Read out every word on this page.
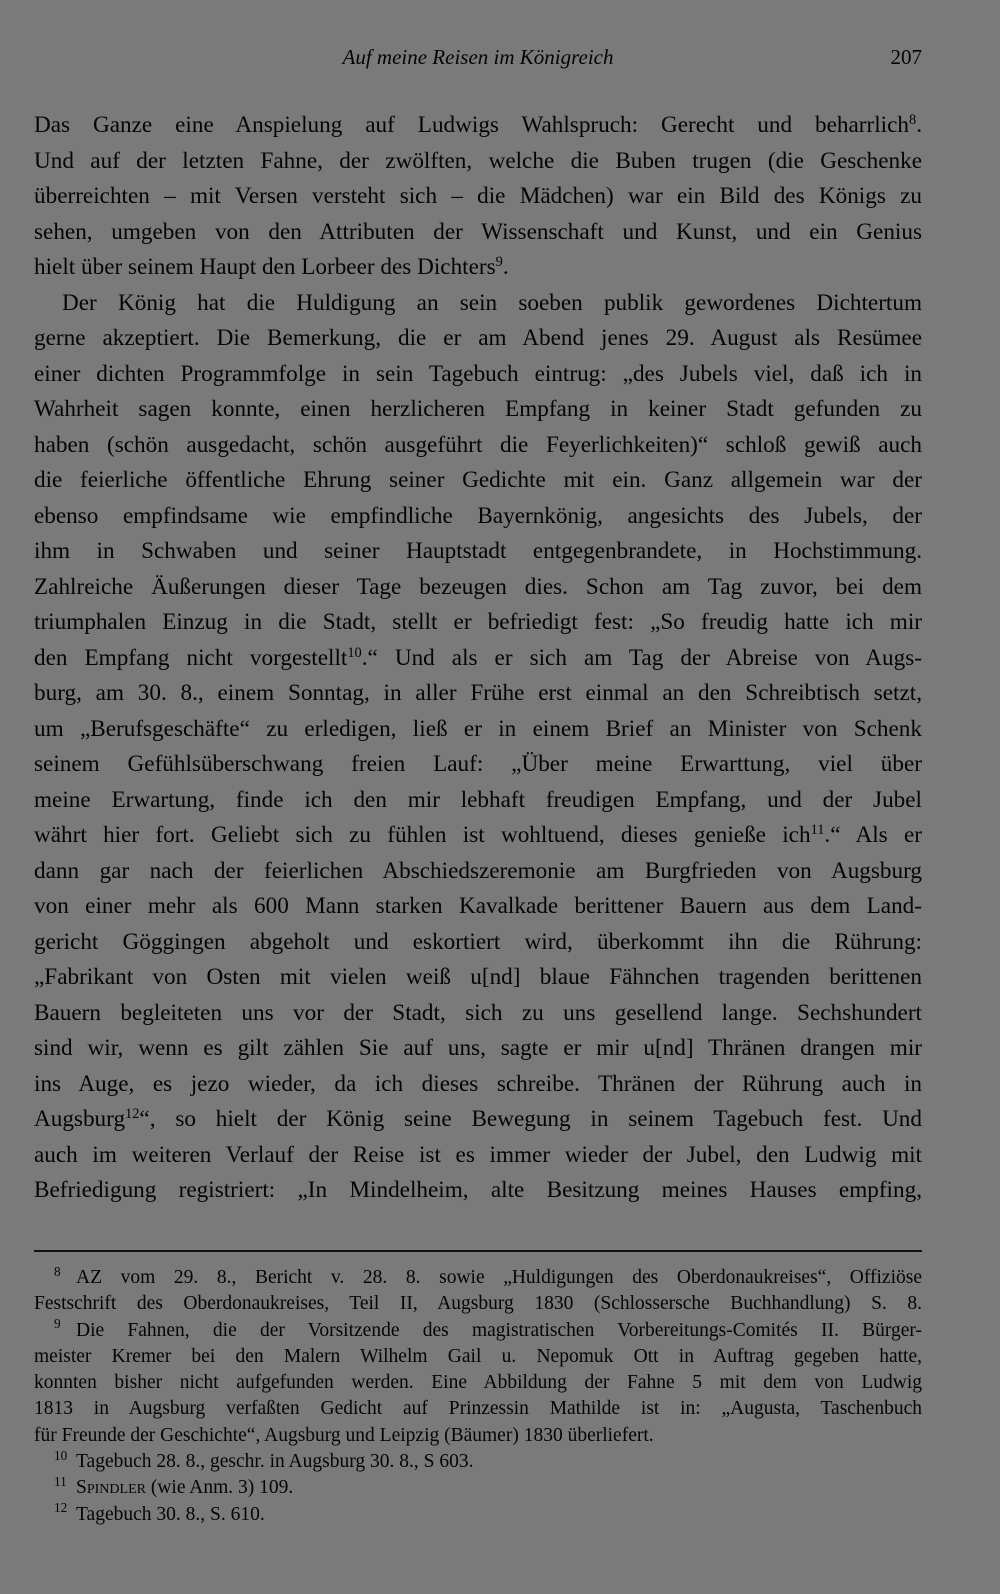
Auf meine Reisen im Königreich	207
Das Ganze eine Anspielung auf Ludwigs Wahlspruch: Gerecht und beharrlich$^8$.
Und auf der letzten Fahne, der zwölften, welche die Buben trugen (die Geschenke
überreichten – mit Versen versteht sich – die Mädchen) war ein Bild des Königs zu
sehen, umgeben von den Attributen der Wissenschaft und Kunst, und ein Genius
hielt über seinem Haupt den Lorbeer des Dichters$^9$.
Der König hat die Huldigung an sein soeben publik gewordenes Dichtertum
gerne akzeptiert. Die Bemerkung, die er am Abend jenes 29. August als Resümee
einer dichten Programmfolge in sein Tagebuch eintrug: „des Jubels viel, daß ich in
Wahrheit sagen konnte, einen herzlicheren Empfang in keiner Stadt gefunden zu
haben (schön ausgedacht, schön ausgeführt die Feyerlichkeiten)“ schloß gewiß auch
die feierliche öffentliche Ehrung seiner Gedichte mit ein. Ganz allgemein war der
ebenso empfindsame wie empfindliche Bayernkönig, angesichts des Jubels, der
ihm in Schwaben und seiner Hauptstadt entgegenbrandete, in Hochstimmung.
Zahlreiche Äußerungen dieser Tage bezeugen dies. Schon am Tag zuvor, bei dem
triumphalen Einzug in die Stadt, stellt er befriedigt fest: „So freudig hatte ich mir
den Empfang nicht vorgestellt$^{10}$.“ Und als er sich am Tag der Abreise von Augs-
burg, am 30. 8., einem Sonntag, in aller Frühe erst einmal an den Schreibtisch setzt,
um „Berufsgeschäfte“ zu erledigen, ließ er in einem Brief an Minister von Schenk
seinem Gefühlsüberschwang freien Lauf: „Über meine Erwarttung, viel über
meine Erwartung, finde ich den mir lebhaft freudigen Empfang, und der Jubel
währt hier fort. Geliebt sich zu fühlen ist wohltuend, dieses genieße ich$^{11}$.“ Als er
dann gar nach der feierlichen Abschiedszeremonie am Burgfrieden von Augsburg
von einer mehr als 600 Mann starken Kavalkade berittener Bauern aus dem Land-
gericht Göggingen abgeholt und eskortiert wird, überkommt ihn die Rührung:
„Fabrikant von Osten mit vielen weiß u[nd] blaue Fähnchen tragenden berittenen
Bauern begleiteten uns vor der Stadt, sich zu uns gesellend lange. Sechshundert
sind wir, wenn es gilt zählen Sie auf uns, sagte er mir u[nd] Thränen drangen mir
ins Auge, es jezo wieder, da ich dieses schreibe. Thränen der Rührung auch in
Augsburg$^{12}$“, so hielt der König seine Bewegung in seinem Tagebuch fest. Und
auch im weiteren Verlauf der Reise ist es immer wieder der Jubel, den Ludwig mit
Befriedigung registriert: „In Mindelheim, alte Besitzung meines Hauses empfing,
8 AZ vom 29. 8., Bericht v. 28. 8. sowie „Huldigungen des Oberdonaukreises“, Offiziöse
Festschrift des Oberdonaukreises, Teil II, Augsburg 1830 (Schlossersche Buchhandlung) S. 8.
9 Die Fahnen, die der Vorsitzende des magistratischen Vorbereitungs-Comités II. Bürger-
meister Kremer bei den Malern Wilhelm Gail u. Nepomuk Ott in Auftrag gegeben hatte,
konnten bisher nicht aufgefunden werden. Eine Abbildung der Fahne 5 mit dem von Ludwig
1813 in Augsburg verfaßten Gedicht auf Prinzessin Mathilde ist in: „Augusta, Taschenbuch
für Freunde der Geschichte“, Augsburg und Leipzig (Bäumer) 1830 überliefert.
10 Tagebuch 28. 8., geschr. in Augsburg 30. 8., S 603.
11 Spindler (wie Anm. 3) 109.
12 Tagebuch 30. 8., S. 610.
